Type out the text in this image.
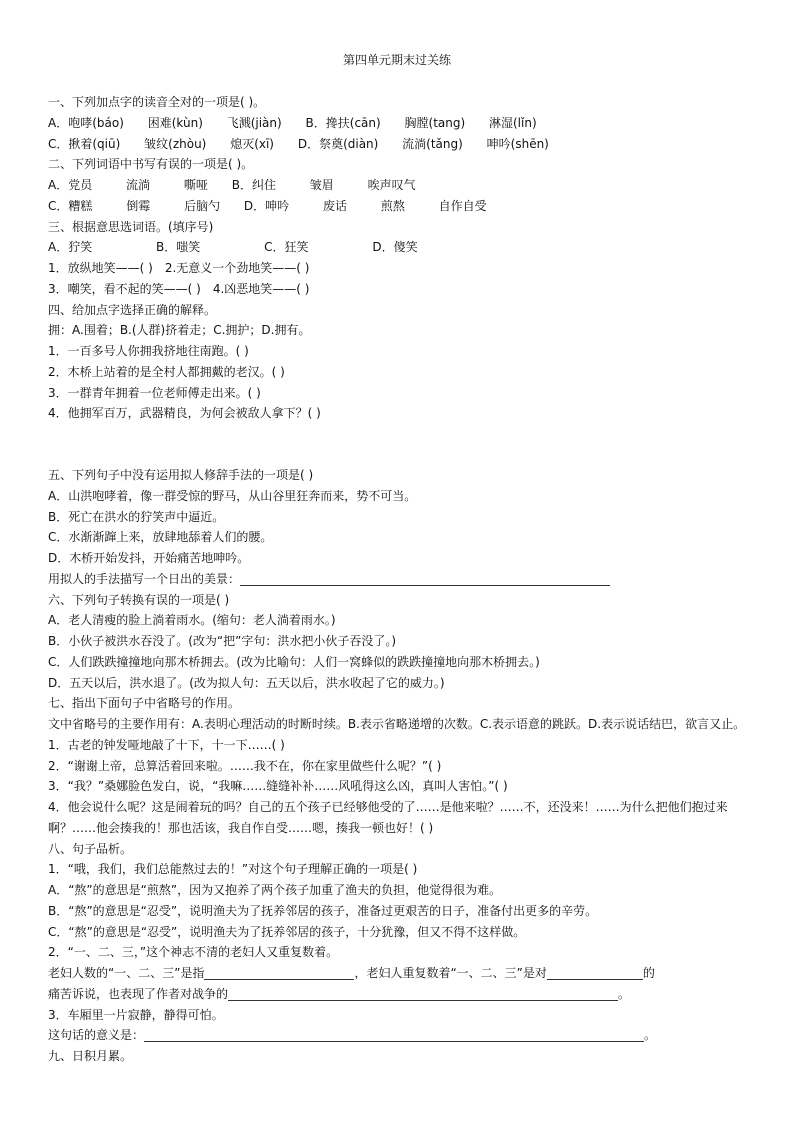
第四单元期末过关练
一、下列加点字的读音全对的一项是( )。
A．咆哮(báo) 困难(kùn) 飞溅(jiàn) B．搀扶(cān) 胸膛(tang) 淋湿(lǐn)
C．揪着(qiū) 皱纹(zhòu) 熄灭(xī) D．祭奠(diàn) 流淌(tǎng) 呻吟(shēn)
二、下列词语中书写有误的一项是( )。
A．党员	流淌	嘶哑 B．纠住	皱眉	唉声叹气
C．糟糕	倒霉	后脑勺 D．呻吟	废话	煎熬	自作自受
三、根据意思选词语。(填序号)
A．狞笑	B．嗤笑	C．狂笑	D．傻笑
1．放纵地笑——( )　2.无意义一个劲地笑——( )
3．嘲笑，看不起的笑——( )　4.凶恶地笑——( )
四、给加点字选择正确的解释。
拥：A.围着；B.(人群)挤着走；C.拥护；D.拥有。
1．一百多号人你拥我挤地往南跑。( )
2．木桥上站着的是全村人都拥戴的老汉。( )
3．一群青年拥着一位老师傅走出来。( )
4．他拥军百万，武器精良，为何会被敌人拿下？( )
五、下列句子中没有运用拟人修辞手法的一项是( )
A．山洪咆哮着，像一群受惊的野马，从山谷里狂奔而来，势不可当。
B．死亡在洪水的狞笑声中逼近。
C．水渐渐蹿上来，放肆地舔着人们的腰。
D．木桥开始发抖，开始痛苦地呻吟。
用拟人的手法描写一个日出的美景：
六、下列句子转换有误的一项是( )
A．老人清瘦的脸上淌着雨水。(缩句：老人淌着雨水。)
B．小伙子被洪水吞没了。(改为“把”字句：洪水把小伙子吞没了。)
C．人们跌跌撞撞地向那木桥拥去。(改为比喻句：人们一窝蜂似的跌跌撞撞地向那木桥拥去。)
D．五天以后，洪水退了。(改为拟人句：五天以后，洪水收起了它的威力。)
七、指出下面句子中省略号的作用。
文中省略号的主要作用有：A.表明心理活动的时断时续。B.表示省略递增的次数。C.表示语意的跳跃。D.表示说话结巴，欲言又止。
1．古老的钟发哑地敲了十下，十一下……( )
2．“谢谢上帝，总算活着回来啦。……我不在，你在家里做些什么呢？”( )
3．“我？”桑娜脸色发白，说，“我嘛……缝缝补补……风吼得这么凶，真叫人害怕。”( )
4．他会说什么呢？这是闹着玩的吗？自己的五个孩子已经够他受的了……是他来啦？……不，还没来！……为什么把他们抱过来啊？……他会揍我的！那也活该，我自作自受……嗯，揍我一顿也好！( )
八、句子品析。
1．“哦，我们，我们总能熬过去的！”对这个句子理解正确的一项是( )
A．“熬”的意思是“煎熬”，因为又抱养了两个孩子加重了渔夫的负担，他觉得很为难。
B．“熬”的意思是“忍受”，说明渔夫为了抚养邻居的孩子，准备过更艰苦的日子，准备付出更多的辛劳。
C．“熬”的意思是“忍受”，说明渔夫为了抚养邻居的孩子，十分犹豫，但又不得不这样做。
2．“一、二、三，”这个神志不清的老妇人又重复数着。
老妇人数的“一、二、三”是指	，老妇人重复数着“一、二、三”是对	的
痛苦诉说，也表现了作者对战争的	。
3．车厢里一片寂静，静得可怕。
这句话的意义是：	。
九、日积月累。
